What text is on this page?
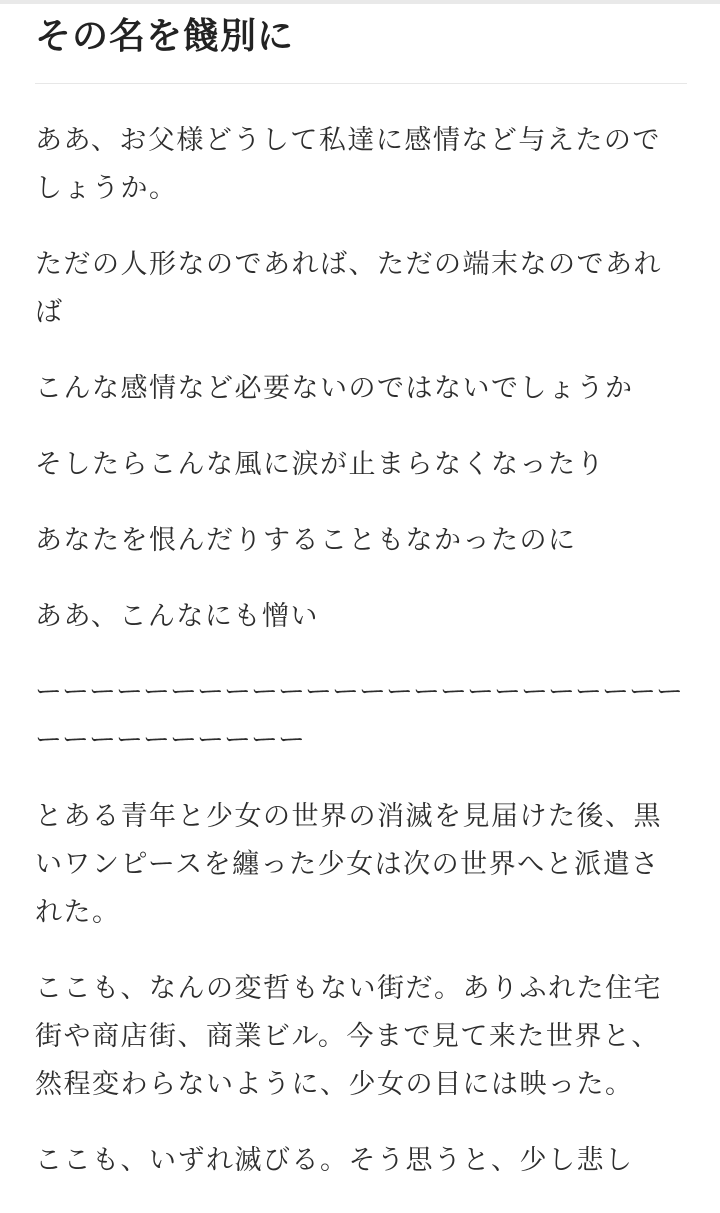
その名を餞別に

ああ、お父様どうして私達に感情など与えたのでしょうか。

ただの人形なのであれば、ただの端末なのであれば

こんな感情など必要ないのではないでしょうか

そしたらこんな風に涙が止まらなくなったり

あなたを恨んだりすることもなかったのに

ああ、こんなにも憎い

ーーーーーーーーーーーーーーーーーーーーーーーーーーーーーーーーーー

とある青年と少女の世界の消滅を見届けた後、黒いワンピースを纏った少女は次の世界へと派遣された。

ここも、なんの変哲もない街だ。ありふれた住宅街や商店街、商業ビル。今まで見て来た世界と、然程変わらないように、少女の目には映った。

ここも、いずれ滅びる。そう思うと、少し悲し
